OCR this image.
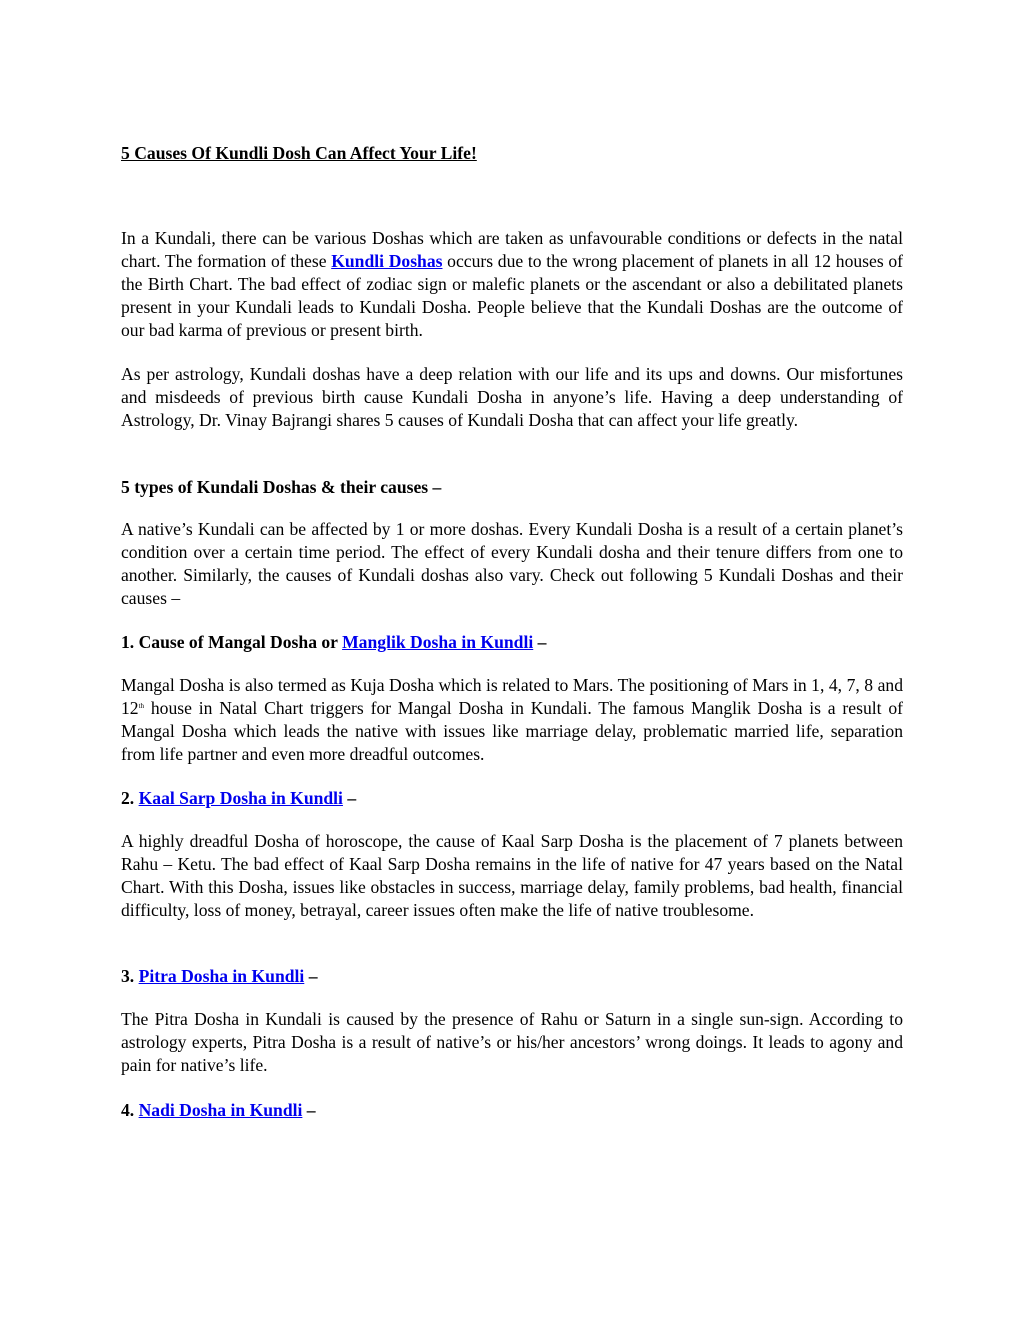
5 Causes Of Kundli Dosh Can Affect Your Life!

In a Kundali, there can be various Doshas which are taken as unfavourable conditions or defects in the natal chart. The formation of these Kundli Doshas occurs due to the wrong placement of planets in all 12 houses of the Birth Chart. The bad effect of zodiac sign or malefic planets or the ascendant or also a debilitated planets present in your Kundali leads to Kundali Dosha. People believe that the Kundali Doshas are the outcome of our bad karma of previous or present birth.

As per astrology, Kundali doshas have a deep relation with our life and its ups and downs. Our misfortunes and misdeeds of previous birth cause Kundali Dosha in anyone’s life. Having a deep understanding of Astrology, Dr. Vinay Bajrangi shares 5 causes of Kundali Dosha that can affect your life greatly.

5 types of Kundali Doshas & their causes –

A native’s Kundali can be affected by 1 or more doshas. Every Kundali Dosha is a result of a certain planet’s condition over a certain time period. The effect of every Kundali dosha and their tenure differs from one to another. Similarly, the causes of Kundali doshas also vary. Check out following 5 Kundali Doshas and their causes –

1. Cause of Mangal Dosha or Manglik Dosha in Kundli –

Mangal Dosha is also termed as Kuja Dosha which is related to Mars. The positioning of Mars in 1, 4, 7, 8 and 12th house in Natal Chart triggers for Mangal Dosha in Kundali. The famous Manglik Dosha is a result of Mangal Dosha which leads the native with issues like marriage delay, problematic married life, separation from life partner and even more dreadful outcomes.

2. Kaal Sarp Dosha in Kundli –

A highly dreadful Dosha of horoscope, the cause of Kaal Sarp Dosha is the placement of 7 planets between Rahu – Ketu. The bad effect of Kaal Sarp Dosha remains in the life of native for 47 years based on the Natal Chart. With this Dosha, issues like obstacles in success, marriage delay, family problems, bad health, financial difficulty, loss of money, betrayal, career issues often make the life of native troublesome.

3. Pitra Dosha in Kundli –

The Pitra Dosha in Kundali is caused by the presence of Rahu or Saturn in a single sun-sign. According to astrology experts, Pitra Dosha is a result of native’s or his/her ancestors’ wrong doings. It leads to agony and pain for native’s life.

4. Nadi Dosha in Kundli –
